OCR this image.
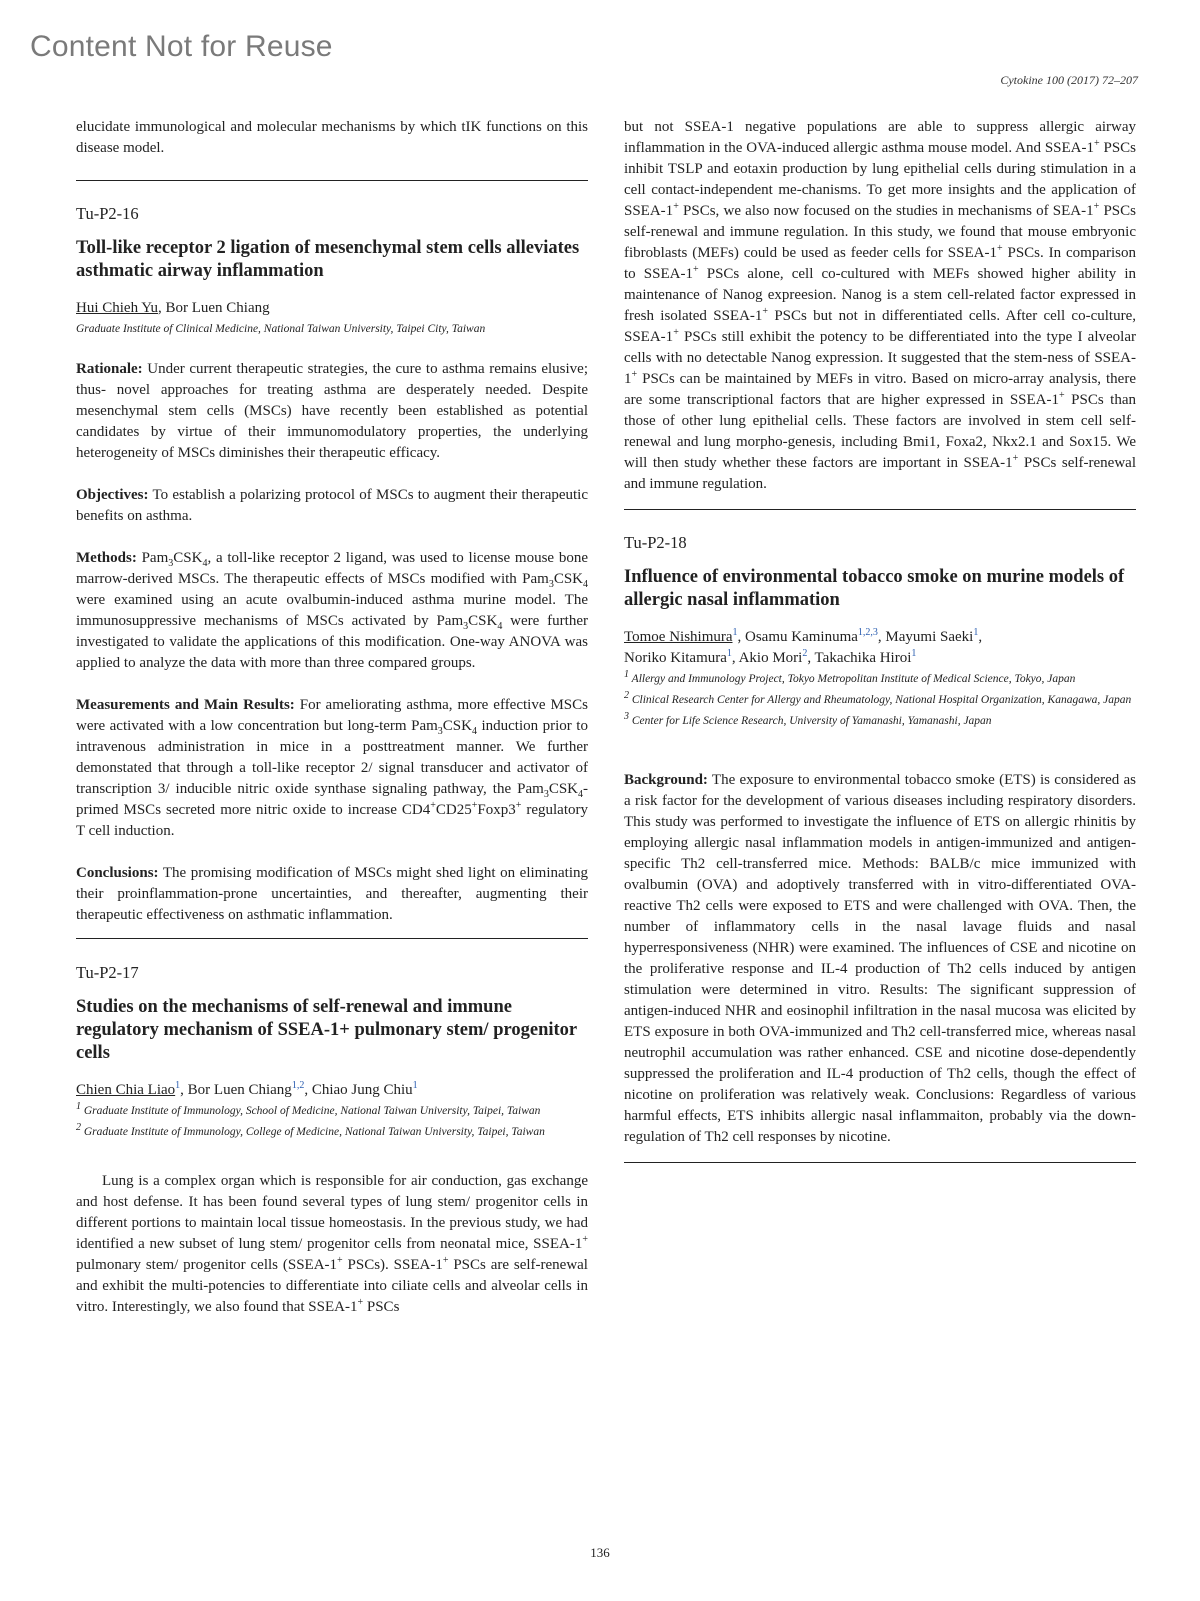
Content Not for Reuse
Cytokine 100 (2017) 72–207

elucidate immunological and molecular mechanisms by which tIK functions on this disease model.

Tu-P2-16

Toll-like receptor 2 ligation of mesenchymal stem cells alleviates asthmatic airway inflammation

Hui Chieh Yu, Bor Luen Chiang

Graduate Institute of Clinical Medicine, National Taiwan University, Taipei City, Taiwan

Rationale: Under current therapeutic strategies, the cure to asthma remains elusive; thus- novel approaches for treating asthma are desperately needed. Despite mesenchymal stem cells (MSCs) have recently been established as potential candidates by virtue of their immunomodulatory properties, the underlying heterogeneity of MSCs diminishes their therapeutic efficacy.

Objectives: To establish a polarizing protocol of MSCs to augment their therapeutic benefits on asthma.

Methods: $Pam_3CSK_4$, a toll-like receptor 2 ligand, was used to license mouse bone marrow-derived MSCs. The therapeutic effects of MSCs modified with $Pam_3CSK_4$ were examined using an acute ovalbumin-induced asthma murine model. The immunosuppressive mechanisms of MSCs activated by $Pam_3CSK_4$ were further investigated to validate the applications of this modification. One-way ANOVA was applied to analyze the data with more than three compared groups.

Measurements and Main Results: For ameliorating asthma, more effective MSCs were activated with a low concentration but long-term $Pam_3CSK_4$ induction prior to intravenous administration in mice in a posttreatment manner. We further demonstated that through a toll-like receptor 2/ signal transducer and activator of transcription 3/ inducible nitric oxide synthase signaling pathway, the $Pam_3CSK_4$-primed MSCs secreted more nitric oxide to increase CD4+CD25+Foxp3+ regulatory T cell induction.

Conclusions: The promising modification of MSCs might shed light on eliminating their proinflammation-prone uncertainties, and thereafter, augmenting their therapeutic effectiveness on asthmatic inflammation.

Tu-P2-17

Studies on the mechanisms of self-renewal and immune regulatory mechanism of SSEA-1+ pulmonary stem/ progenitor cells

Chien Chia Liao$^1$, Bor Luen Chiang$^{1,2}$, Chiao Jung Chiu$^1$

$^1$ Graduate Institute of Immunology, School of Medicine, National Taiwan University, Taipei, Taiwan

$^2$ Graduate Institute of Immunology, College of Medicine, National Taiwan University, Taipei, Taiwan

Lung is a complex organ which is responsible for air conduction, gas exchange and host defense. It has been found several types of lung stem/ progenitor cells in different portions to maintain local tissue homeostasis. In the previous study, we had identified a new subset of lung stem/ progenitor cells from neonatal mice, SSEA-1+ pulmonary stem/ progenitor cells (SSEA-1+ PSCs). SSEA-1+ PSCs are self-renewal and exhibit the multi-potencies to differentiate into ciliate cells and alveolar cells in vitro. Interestingly, we also found that SSEA-1+ PSCs

but not SSEA-1 negative populations are able to suppress allergic airway inflammation in the OVA-induced allergic asthma mouse model. And SSEA-1+ PSCs inhibit TSLP and eotaxin production by lung epithelial cells during stimulation in a cell contact-independent me-chanisms. To get more insights and the application of SSEA-1+ PSCs, we also now focused on the studies in mechanisms of SEA-1+ PSCs self-renewal and immune regulation. In this study, we found that mouse embryonic fibroblasts (MEFs) could be used as feeder cells for SSEA-1+ PSCs. In comparison to SSEA-1+ PSCs alone, cell co-cultured with MEFs showed higher ability in maintenance of Nanog expreesion. Nanog is a stem cell-related factor expressed in fresh isolated SSEA-1+ PSCs but not in differentiated cells. After cell co-culture, SSEA-1+ PSCs still exhibit the potency to be differentiated into the type I alveolar cells with no detectable Nanog expression. It suggested that the stem-ness of SSEA-1+ PSCs can be maintained by MEFs in vitro. Based on micro-array analysis, there are some transcriptional factors that are higher expressed in SSEA-1+ PSCs than those of other lung epithelial cells. These factors are involved in stem cell self-renewal and lung morpho-genesis, including Bmi1, Foxa2, Nkx2.1 and Sox15. We will then study whether these factors are important in SSEA-1+ PSCs self-renewal and immune regulation.

Tu-P2-18

Influence of environmental tobacco smoke on murine models of allergic nasal inflammation

Tomoe Nishimura$^1$, Osamu Kaminuma$^{1,2,3}$, Mayumi Saeki$^1$,
Noriko Kitamura$^1$, Akio Mori$^2$, Takachika Hiroi$^1$

$^1$ Allergy and Immunology Project, Tokyo Metropolitan Institute of Medical Science, Tokyo, Japan

$^2$ Clinical Research Center for Allergy and Rheumatology, National Hospital Organization, Kanagawa, Japan

$^3$ Center for Life Science Research, University of Yamanashi, Yamanashi, Japan

Background: The exposure to environmental tobacco smoke (ETS) is considered as a risk factor for the development of various diseases including respiratory disorders. This study was performed to investigate the influence of ETS on allergic rhinitis by employing allergic nasal inflammation models in antigen-immunized and antigen-specific Th2 cell-transferred mice. Methods: BALB/c mice immunized with ovalbumin (OVA) and adoptively transferred with in vitro-differentiated OVA-reactive Th2 cells were exposed to ETS and were challenged with OVA. Then, the number of inflammatory cells in the nasal lavage fluids and nasal hyperresponsiveness (NHR) were examined. The influences of CSE and nicotine on the proliferative response and IL-4 production of Th2 cells induced by antigen stimulation were determined in vitro. Results: The significant suppression of antigen-induced NHR and eosinophil infiltration in the nasal mucosa was elicited by ETS exposure in both OVA-immunized and Th2 cell-transferred mice, whereas nasal neutrophil accumulation was rather enhanced. CSE and nicotine dose-dependently suppressed the proliferation and IL-4 production of Th2 cells, though the effect of nicotine on proliferation was relatively weak. Conclusions: Regardless of various harmful effects, ETS inhibits allergic nasal inflammaiton, probably via the down-regulation of Th2 cell responses by nicotine.

136
